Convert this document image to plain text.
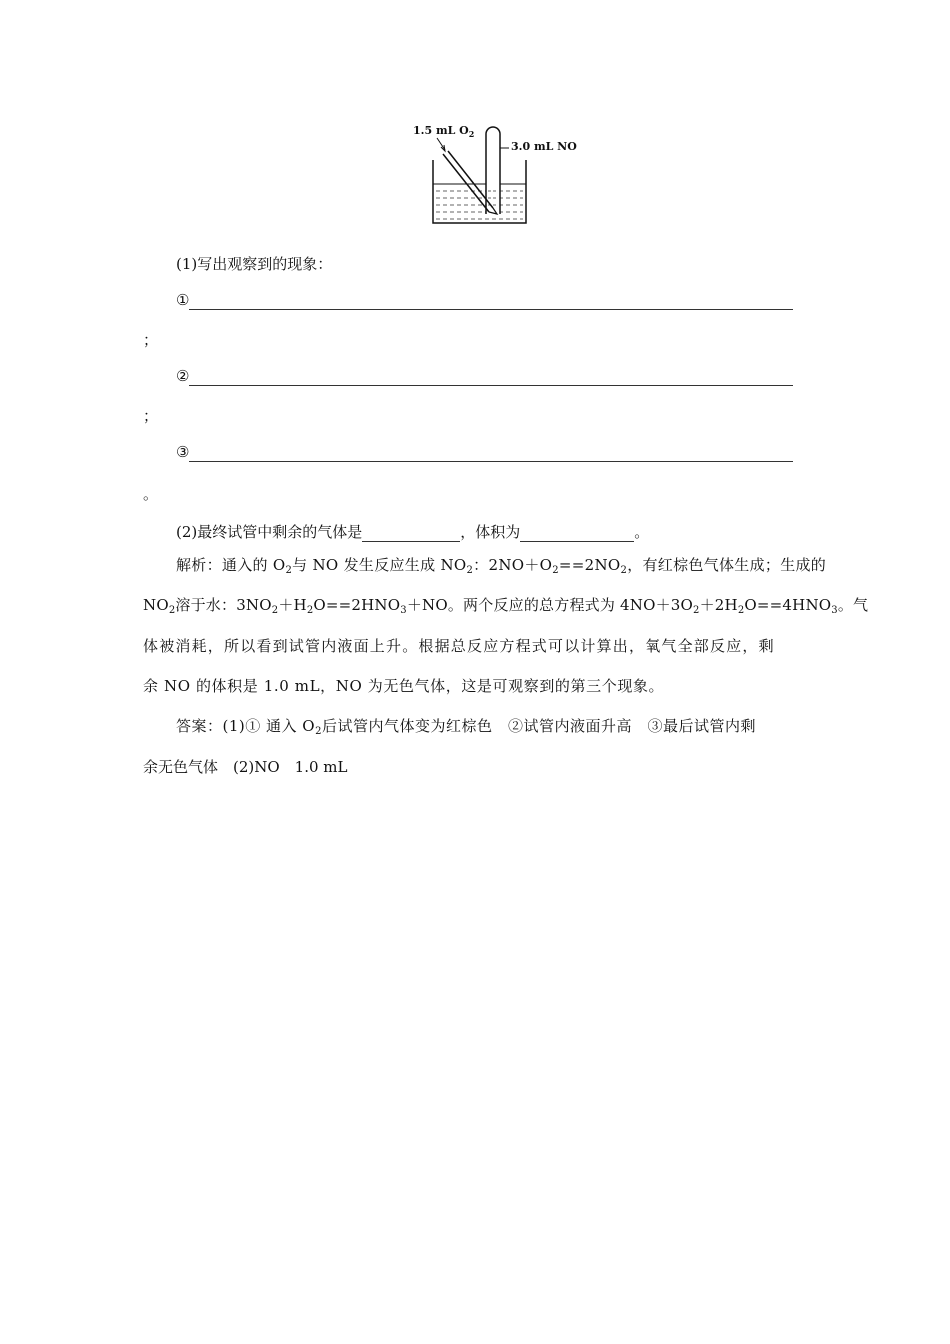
1.5 mL $O_2$
3.0 mL NO
(1)写出观察到的现象：
①
；
②
；
③
。
(2)最终试管中剩余的气体是	，体积为	。
解析：通入的 $O_2$与 NO 发生反应生成 $NO_2$：$2NO+O_2==2NO_2$，有红棕色气体生成；生成的
$NO_2$溶于水：$3NO_2+H_2O==2HNO_3+NO$。两个反应的总方程式为 $4NO+3O_2+2H_2O==4HNO_3$。气
体被消耗，所以看到试管内液面上升。根据总反应方程式可以计算出，氧气全部反应，剩
余 NO 的体积是 1.0 mL，NO 为无色气体，这是可观察到的第三个现象。
答案：(1)① 通入 $O_2$后试管内气体变为红棕色　②试管内液面升高　③最后试管内剩
余无色气体　(2)NO　1.0 mL
